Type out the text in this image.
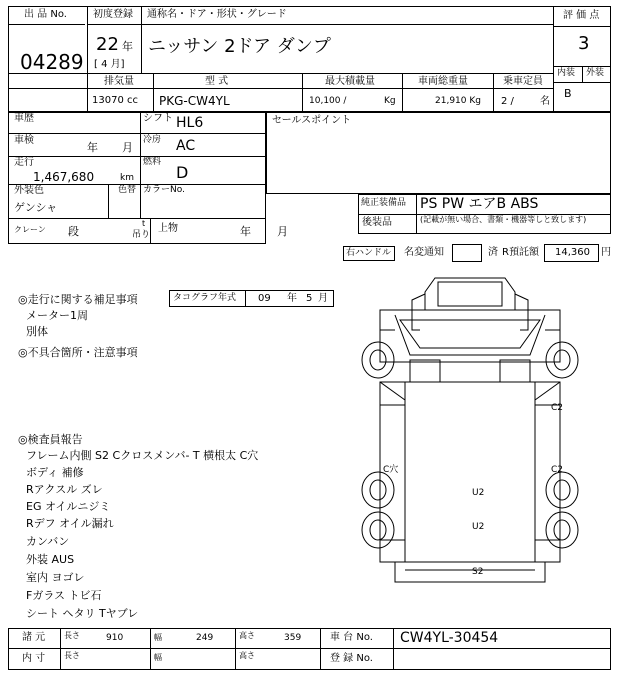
出 品 No.
04289
初度登録
22 年
[ 4 月]
通称名・ドア・形状・グレード
ニッサン 2ドア ダンプ
評 価 点
3
内装 外装
B
排気量
13070 cc
型 式
PKG-CW4YL
最大積載量
10,100 /	Kg
車両総重量
21,910 Kg
乗車定員
2 /	名
車歴	シフト HL6
車検
年 月
冷房 AC
走行
1,467,680	km
燃料
D
外装色
ゲンシャ
色替 カラーNo.
クレーン 段
t
吊り
上物	年 月
セールスポイント
純正装備品 PS PW エアB ABS
後装品	(記載が無い場合、書類・機器等しと致します)
右ハンドル 名変通知	済 R預託額 14,360 円
◎走行に関する補足事項	タコグラフ年式 09 年 5 月
メーター1周
別体
◎不具合箇所・注意事項
◎検査員報告
フレーム内側 S2 Cクロスメンバ- T 横根太 C穴
ボディ 補修
Rアクスル ズレ
EG オイルニジミ
Rデフ オイル漏れ
カンバン
外装 AUS
室内 ヨゴレ
Fガラス トビ石
シート ヘタリ Tヤブレ
C2
C穴	C2
U2
U2
S2
諸 元 長さ	910	幅	249	高さ	359	車 台 No. CW4YL-30454
内 寸 長さ	幅	高さ	登 録 No.
